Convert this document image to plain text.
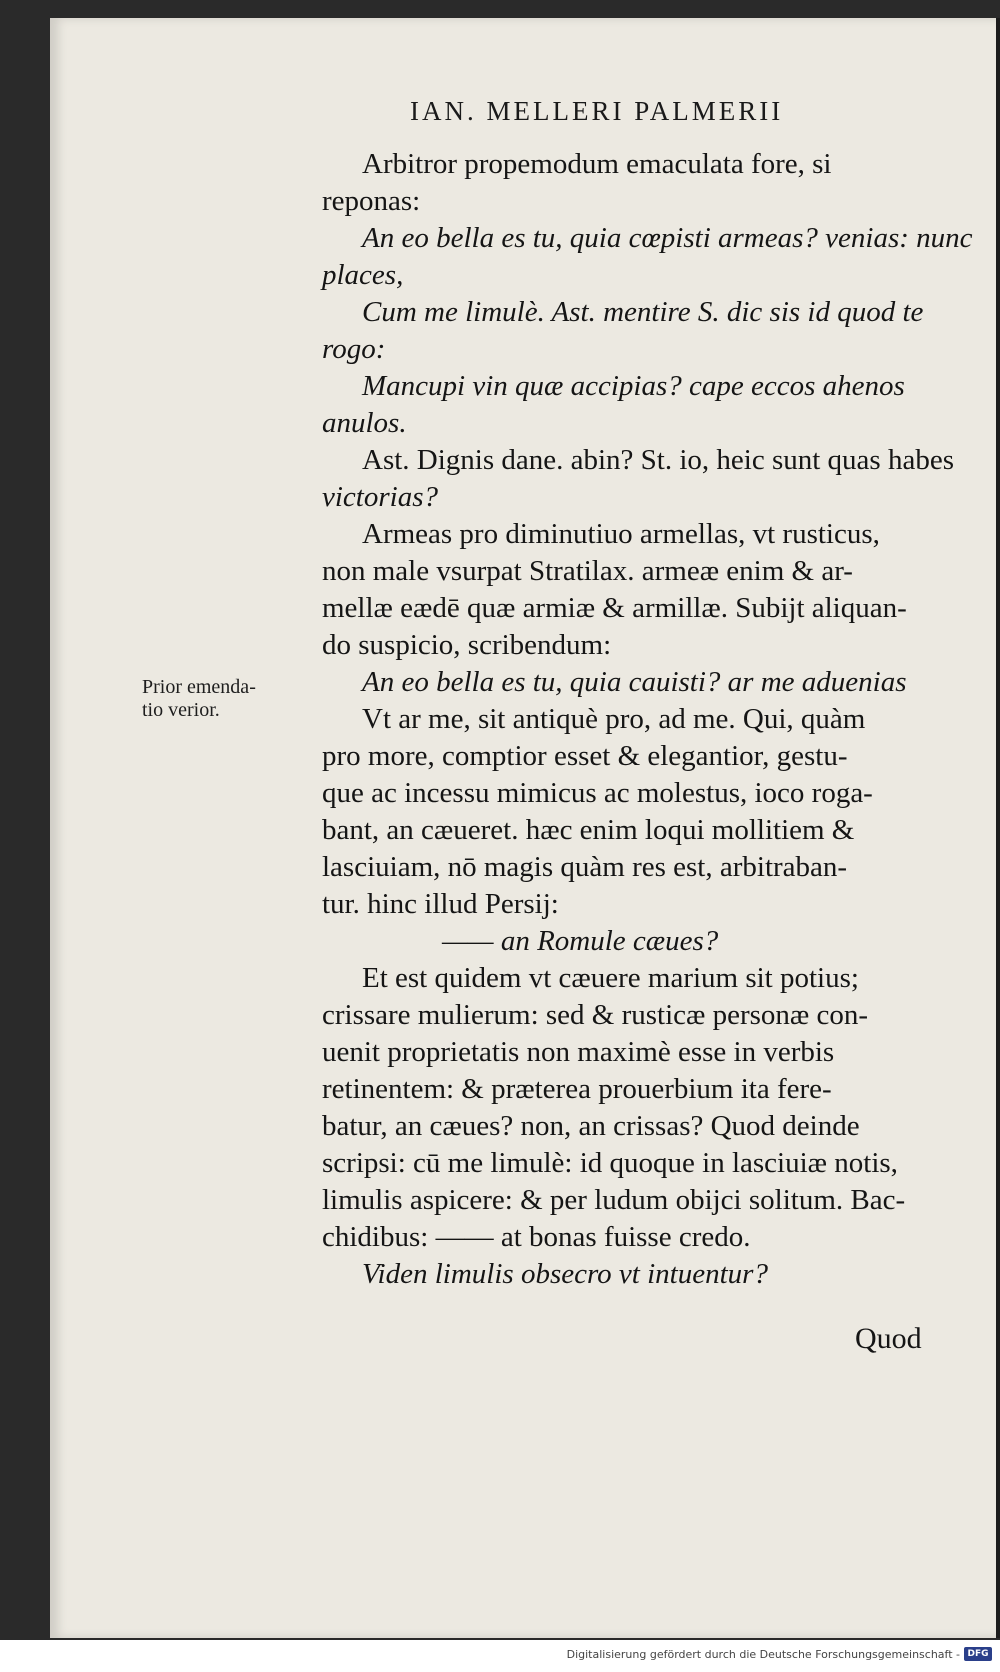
IAN. MELLERI PALMERII
Prior emenda-
tio verior.
Arbitror propemodum emaculata fore, si
reponas:
An eo bella es tu, quia cœpisti armeas? venias: nunc
places,
Cum me limulè. Ast. mentire S. dic sis id quod te
rogo:
Mancupi vin quæ accipias? cape eccos ahenos
anulos.
Ast. Dignis dane. abin? St. io, heic sunt quas habes
victorias?
Armeas pro diminutiuo armellas, vt rusticus,
non male vsurpat Stratilax. armeæ enim & ar-
mellæ eædē quæ armiæ & armillæ. Subijt aliquan-
do suspicio, scribendum:
An eo bella es tu, quia cauisti? ar me aduenias
Vt ar me, sit antiquè pro, ad me. Qui, quàm
pro more, comptior esset & elegantior, gestu-
que ac incessu mimicus ac molestus, ioco roga-
bant, an cæueret. hæc enim loqui mollitiem &
lasciuiam, nō magis quàm res est, arbitraban-
tur. hinc illud Persij:
—— an Romule cæues?
Et est quidem vt cæuere marium sit potius;
crissare mulierum: sed & rusticæ personæ con-
uenit proprietatis non maximè esse in verbis
retinentem: & præterea prouerbium ita fere-
batur, an cæues? non, an crissas? Quod deinde
scripsi: cū me limulè: id quoque in lasciuiæ notis,
limulis aspicere: & per ludum obijci solitum. Bac-
chidibus: —— at bonas fuisse credo.
Viden limulis obsecro vt intuentur?
Quod
Digitalisierung gefördert durch die Deutsche Forschungsgemeinschaft - DFG
